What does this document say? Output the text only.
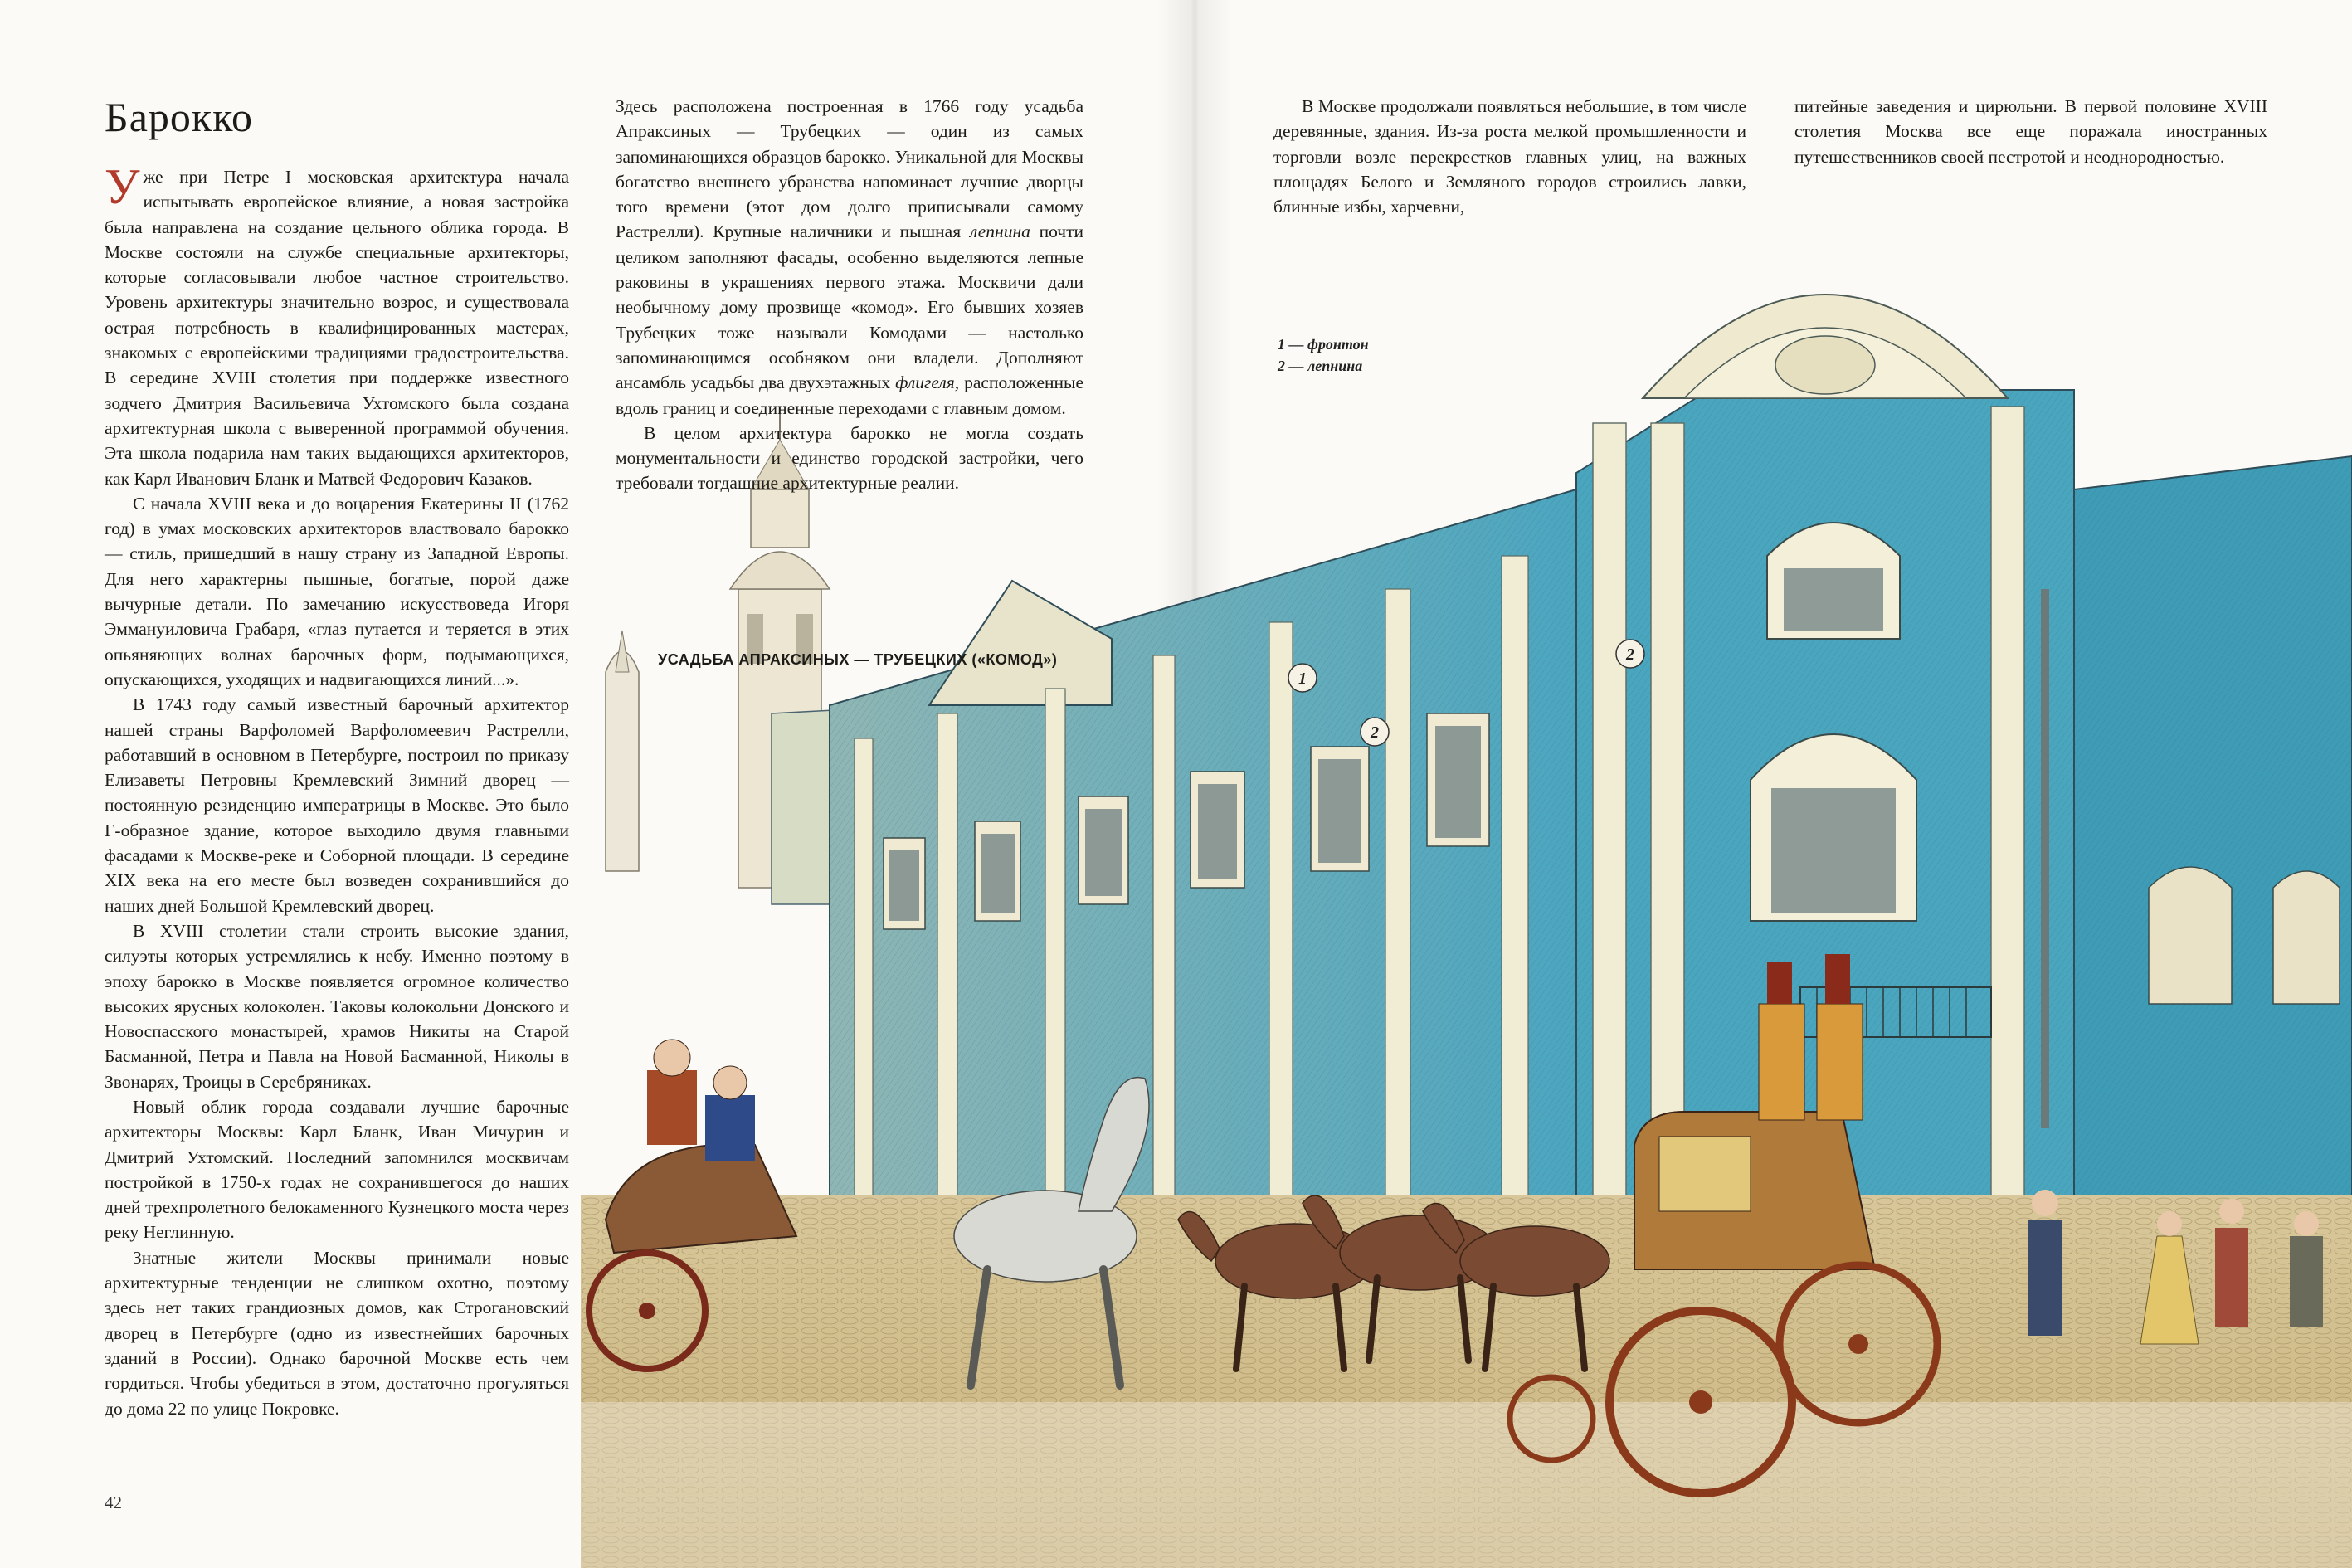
1
2
2
Барокко

Уже при Петре I московская архитектура начала испытывать европейское влияние, а новая застройка была направлена на создание цельного облика города. В Москве состояли на службе специальные архитекторы, которые согласовывали любое частное строительство. Уровень архитектуры значительно возрос, и существовала острая потребность в квалифицированных мастерах, знакомых с европейскими традициями градостроительства. В середине XVIII столетия при поддержке известного зодчего Дмитрия Васильевича Ухтомского была создана архитектурная школа с выверенной программой обучения. Эта школа подарила нам таких выдающихся архитекторов, как Карл Иванович Бланк и Матвей Федорович Казаков.

С начала XVIII века и до воцарения Екатерины II (1762 год) в умах московских архитекторов властвовало барокко — стиль, пришедший в нашу страну из Западной Европы. Для него характерны пышные, богатые, порой даже вычурные детали. По замечанию искусствоведа Игоря Эммануиловича Грабаря, «глаз путается и теряется в этих опьяняющих волнах барочных форм, подымающихся, опускающихся, уходящих и надвигающихся линий...».

В 1743 году самый известный барочный архитектор нашей страны Варфоломей Варфоломеевич Растрелли, работавший в основном в Петербурге, построил по приказу Елизаветы Петровны Кремлевский Зимний дворец — постоянную резиденцию императрицы в Москве. Это было Г-образное здание, которое выходило двумя главными фасадами к Москве-реке и Соборной площади. В середине XIX века на его месте был возведен сохранившийся до наших дней Большой Кремлевский дворец.

В XVIII столетии стали строить высокие здания, силуэты которых устремлялись к небу. Именно поэтому в эпоху барокко в Москве появляется огромное количество высоких ярусных колоколен. Таковы колокольни Донского и Новоспасского монастырей, храмов Никиты на Старой Басманной, Петра и Павла на Новой Басманной, Николы в Звонарях, Троицы в Серебряниках.

Новый облик города создавали лучшие барочные архитекторы Москвы: Карл Бланк, Иван Мичурин и Дмитрий Ухтомский. Последний запомнился москвичам постройкой в 1750-х годах не сохранившегося до наших дней трехпролетного белокаменного Кузнецкого моста через реку Неглинную.

Знатные жители Москвы принимали новые архитектурные тенденции не слишком охотно, поэтому здесь нет таких грандиозных домов, как Строгановский дворец в Петербурге (одно из известнейших барочных зданий в России). Однако барочной Москве есть чем гордиться. Чтобы убедиться в этом, достаточно прогуляться до дома 22 по улице Покровке.

Здесь расположена построенная в 1766 году усадьба Апраксиных — Трубецких — один из самых запоминающихся образцов барокко. Уникальной для Москвы богатство внешнего убранства напоминает лучшие дворцы того времени (этот дом долго приписывали самому Растрелли). Крупные наличники и пышная лепнина почти целиком заполняют фасады, особенно выделяются лепные раковины в украшениях первого этажа. Москвичи дали необычному дому прозвище «комод». Его бывших хозяев Трубецких тоже называли Комодами — настолько запоминающимся особняком они владели. Дополняют ансамбль усадьбы два двухэтажных флигеля, расположенные вдоль границ и соединенные переходами с главным домом.

В целом архитектура барокко не могла создать монументальности и единство городской застройки, чего требовали тогдашние архитектурные реалии.

В Москве продолжали появляться небольшие, в том числе деревянные, здания. Из-за роста мелкой промышленности и торговли возле перекрестков главных улиц, на важных площадях Белого и Земляного городов строились лавки, блинные избы, харчевни,

питейные заведения и цирюльни. В первой половине XVIII столетия Москва все еще поражала иностранных путешественников своей пестротой и неоднородностью.

1 — фронтон
2 — лепнина
УСАДЬБА АПРАКСИНЫХ — ТРУБЕЦКИХ («КОМОД»)
42
